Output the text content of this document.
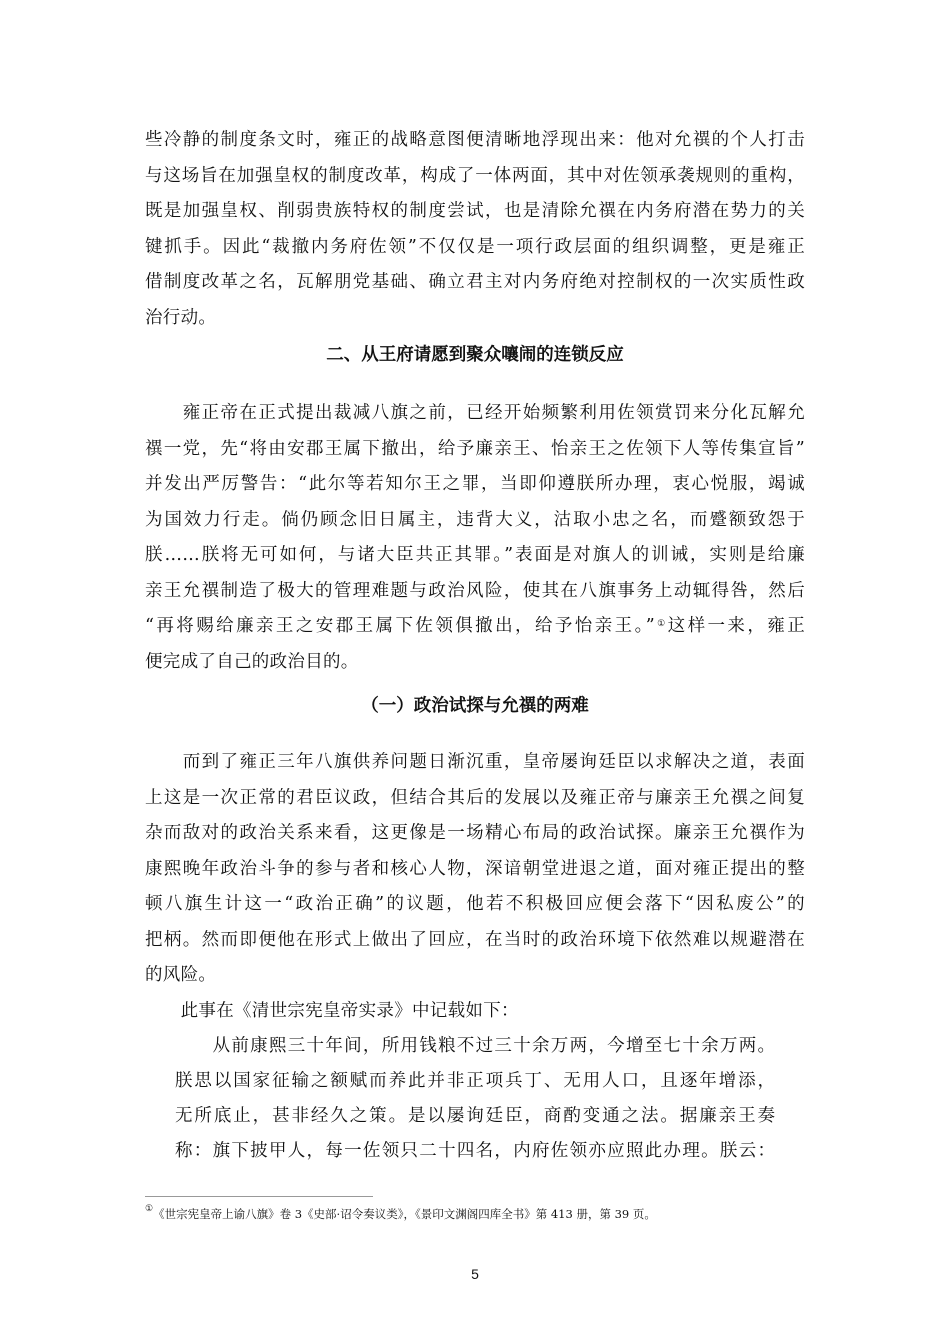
些冷静的制度条文时，雍正的战略意图便清晰地浮现出来：他对允禩的个人打击
与这场旨在加强皇权的制度改革，构成了一体两面，其中对佐领承袭规则的重构，
既是加强皇权、削弱贵族特权的制度尝试，也是清除允禩在内务府潜在势力的关
键抓手。因此“裁撤内务府佐领”不仅仅是一项行政层面的组织调整，更是雍正
借制度改革之名，瓦解朋党基础、确立君主对内务府绝对控制权的一次实质性政
治行动。
二、从王府请愿到聚众嚷闹的连锁反应
　　雍正帝在正式提出裁减八旗之前，已经开始频繁利用佐领赏罚来分化瓦解允
禩一党，先“将由安郡王属下撤出，给予廉亲王、怡亲王之佐领下人等传集宣旨”
并发出严厉警告：“此尔等若知尔王之罪，当即仰遵朕所办理，衷心悦服，竭诚
为国效力行走。倘仍顾念旧日属主，违背大义，沽取小忠之名，而蹙额致怨于
朕……朕将无可如何，与诸大臣共正其罪。”表面是对旗人的训诫，实则是给廉
亲王允禩制造了极大的管理难题与政治风险，使其在八旗事务上动辄得咎，然后
“再将赐给廉亲王之安郡王属下佐领俱撤出，给予怡亲王。”①这样一来，雍正
便完成了自己的政治目的。
（一）政治试探与允禩的两难
　　而到了雍正三年八旗供养问题日渐沉重，皇帝屡询廷臣以求解决之道，表面
上这是一次正常的君臣议政，但结合其后的发展以及雍正帝与廉亲王允禩之间复
杂而敌对的政治关系来看，这更像是一场精心布局的政治试探。廉亲王允禩作为
康熙晚年政治斗争的参与者和核心人物，深谙朝堂进退之道，面对雍正提出的整
顿八旗生计这一“政治正确”的议题，他若不积极回应便会落下“因私废公”的
把柄。然而即便他在形式上做出了回应，在当时的政治环境下依然难以规避潜在
的风险。
　　此事在《清世宗宪皇帝实录》中记载如下：
　　从前康熙三十年间，所用钱粮不过三十余万两，今增至七十余万两。
朕思以国家征输之额赋而养此并非正项兵丁、无用人口，且逐年增添，
无所底止，甚非经久之策。是以屡询廷臣，商酌变通之法。据廉亲王奏
称：旗下披甲人，每一佐领只二十四名，内府佐领亦应照此办理。朕云：
①《世宗宪皇帝上谕八旗》卷 3《史部·诏令奏议类》，《景印文渊阁四库全书》第 413 册，第 39 页。
5
